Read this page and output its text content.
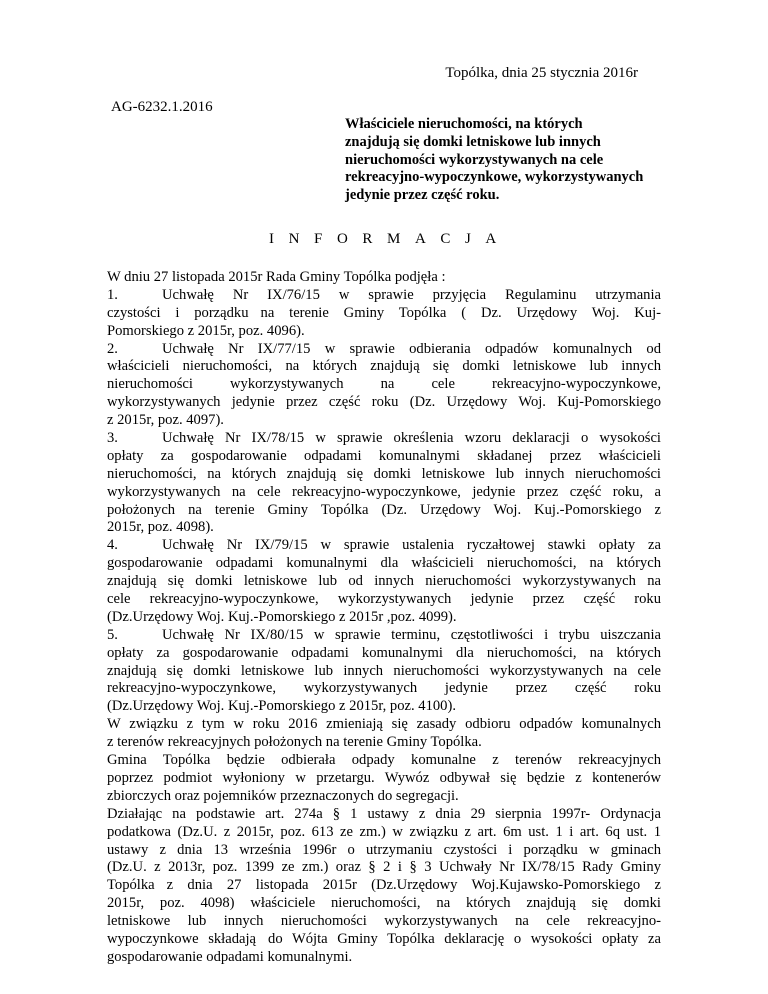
Topólka, dnia 25 stycznia 2016r
AG-6232.1.2016
Właściciele nieruchomości, na których
znajdują się domki letniskowe lub innych
nieruchomości wykorzystywanych na cele
rekreacyjno-wypoczynkowe, wykorzystywanych
jedynie przez część roku.
INFORMACJA
W dniu 27 listopada 2015r Rada Gminy Topólka podjęła :
1.	Uchwałę Nr IX/76/15 w sprawie przyjęcia Regulaminu utrzymania
czystości i porządku na terenie Gminy Topólka ( Dz. Urzędowy Woj. Kuj-
Pomorskiego z 2015r, poz. 4096).
2.	Uchwałę Nr IX/77/15 w sprawie odbierania odpadów komunalnych od
właścicieli nieruchomości, na których znajdują się domki letniskowe lub innych
nieruchomości wykorzystywanych na cele rekreacyjno-wypoczynkowe,
wykorzystywanych jedynie przez część roku (Dz. Urzędowy Woj. Kuj-Pomorskiego
z 2015r, poz. 4097).
3.	Uchwałę Nr IX/78/15 w sprawie określenia wzoru deklaracji o wysokości
opłaty za gospodarowanie odpadami komunalnymi składanej przez właścicieli
nieruchomości, na których znajdują się domki letniskowe lub innych nieruchomości
wykorzystywanych na cele rekreacyjno-wypoczynkowe, jedynie przez część roku, a
położonych na terenie Gminy Topólka (Dz. Urzędowy Woj. Kuj.-Pomorskiego z
2015r, poz. 4098).
4.	Uchwałę Nr IX/79/15 w sprawie ustalenia ryczałtowej stawki opłaty za
gospodarowanie odpadami komunalnymi dla właścicieli nieruchomości, na których
znajdują się domki letniskowe lub od innych nieruchomości wykorzystywanych na
cele rekreacyjno-wypoczynkowe, wykorzystywanych jedynie przez część roku
(Dz.Urzędowy Woj. Kuj.-Pomorskiego z 2015r ,poz. 4099).
5.	Uchwałę Nr IX/80/15 w sprawie terminu, częstotliwości i trybu uiszczania
opłaty za gospodarowanie odpadami komunalnymi dla nieruchomości, na których
znajdują się domki letniskowe lub innych nieruchomości wykorzystywanych na cele
rekreacyjno-wypoczynkowe, wykorzystywanych jedynie przez część roku
(Dz.Urzędowy Woj. Kuj.-Pomorskiego z 2015r, poz. 4100).
W związku z tym w roku 2016 zmieniają się zasady odbioru odpadów komunalnych
z terenów rekreacyjnych położonych na terenie Gminy Topólka.
Gmina Topólka będzie odbierała odpady komunalne z terenów rekreacyjnych
poprzez podmiot wyłoniony w przetargu. Wywóz odbywał się będzie z kontenerów
zbiorczych oraz pojemników przeznaczonych do segregacji.
Działając na podstawie art. 274a § 1 ustawy z dnia 29 sierpnia 1997r- Ordynacja
podatkowa (Dz.U. z 2015r, poz. 613 ze zm.) w związku z art. 6m ust. 1 i art. 6q ust. 1
ustawy z dnia 13 września 1996r o utrzymaniu czystości i porządku w gminach
(Dz.U. z 2013r, poz. 1399 ze zm.) oraz § 2 i § 3 Uchwały Nr IX/78/15 Rady Gminy
Topólka z dnia 27 listopada 2015r (Dz.Urzędowy Woj.Kujawsko-Pomorskiego z
2015r, poz. 4098) właściciele nieruchomości, na których znajdują się domki
letniskowe lub innych nieruchomości wykorzystywanych na cele rekreacyjno-
wypoczynkowe składają do Wójta Gminy Topólka deklarację o wysokości opłaty za
gospodarowanie odpadami komunalnymi.
